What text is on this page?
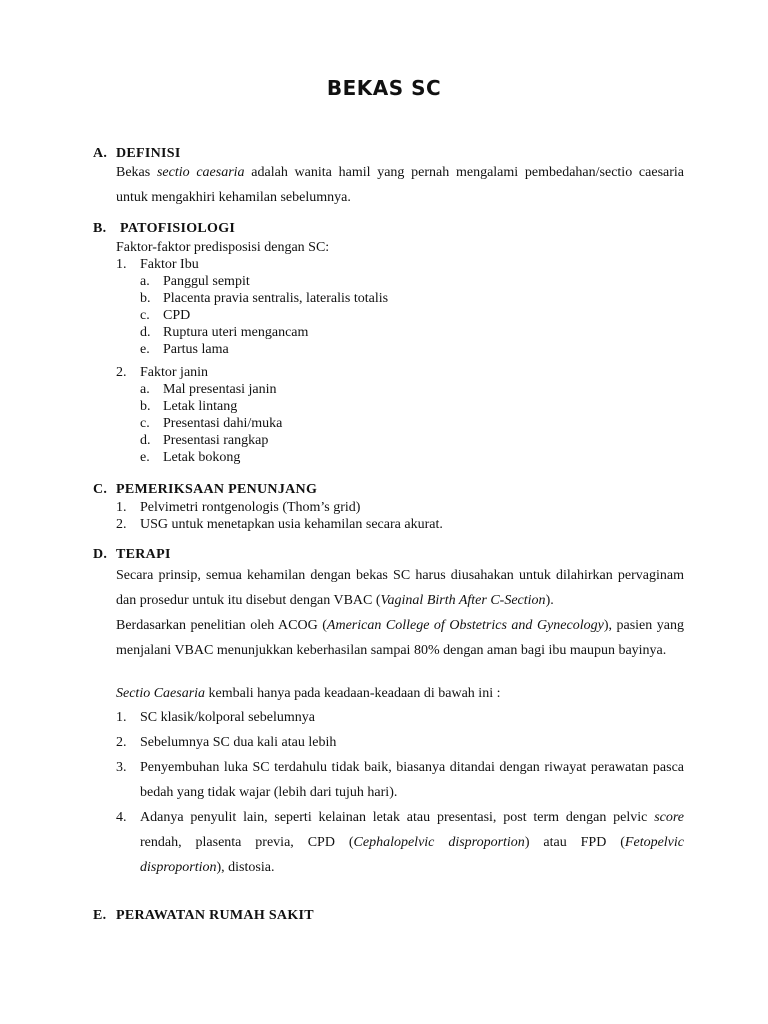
BEKAS SC
A. DEFINISI
Bekas sectio caesaria adalah wanita hamil yang pernah mengalami pembedahan/sectio caesaria untuk mengakhiri kehamilan sebelumnya.
B. PATOFISIOLOGI
Faktor-faktor predisposisi dengan SC:
1. Faktor Ibu
a. Panggul sempit
b. Placenta pravia sentralis, lateralis totalis
c. CPD
d. Ruptura uteri mengancam
e. Partus lama
2. Faktor janin
a. Mal presentasi janin
b. Letak lintang
c. Presentasi dahi/muka
d. Presentasi rangkap
e. Letak bokong
C. PEMERIKSAAN PENUNJANG
1. Pelvimetri rontgenologis (Thom’s grid)
2. USG untuk menetapkan usia kehamilan secara akurat.
D. TERAPI
Secara prinsip, semua kehamilan dengan bekas SC harus diusahakan untuk dilahirkan pervaginam dan prosedur untuk itu disebut dengan VBAC (Vaginal Birth After C-Section).
Berdasarkan penelitian oleh ACOG (American College of Obstetrics and Gynecology), pasien yang menjalani VBAC menunjukkan keberhasilan sampai 80% dengan aman bagi ibu maupun bayinya.
Sectio Caesaria kembali hanya pada keadaan-keadaan di bawah ini :
1. SC klasik/kolporal sebelumnya
2. Sebelumnya SC dua kali atau lebih
3. Penyembuhan luka SC terdahulu tidak baik, biasanya ditandai dengan riwayat perawatan pasca bedah yang tidak wajar (lebih dari tujuh hari).
4. Adanya penyulit lain, seperti kelainan letak atau presentasi, post term dengan pelvic score rendah, plasenta previa, CPD (Cephalopelvic disproportion) atau FPD (Fetopelvic disproportion), distosia.
E. PERAWATAN RUMAH SAKIT
